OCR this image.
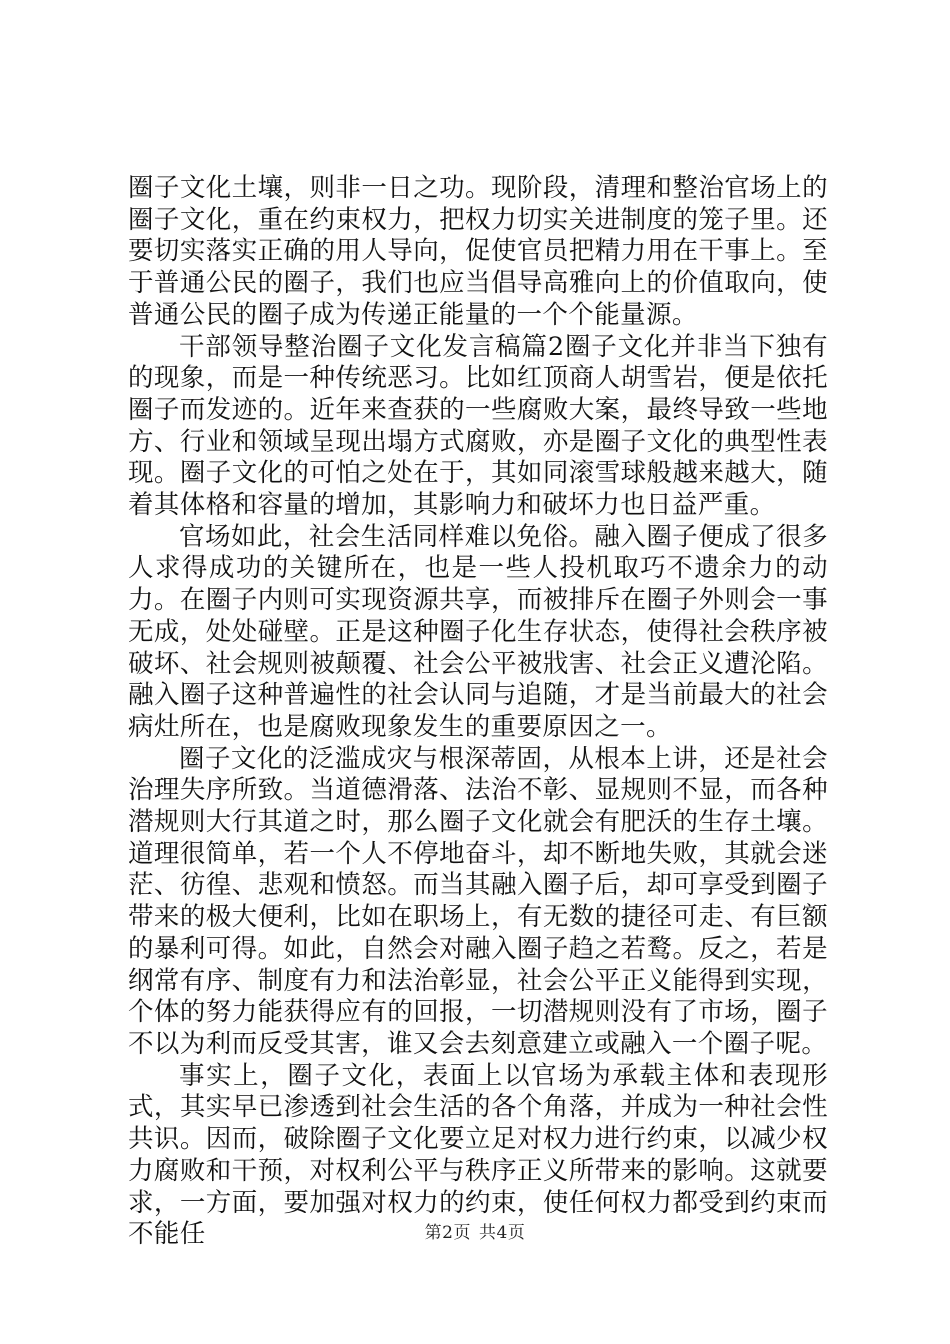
圈子文化土壤，则非一日之功。现阶段，清理和整治官场上的圈子文化，重在约束权力，把权力切实关进制度的笼子里。还要切实落实正确的用人导向，促使官员把精力用在干事上。至于普通公民的圈子，我们也应当倡导高雅向上的价值取向，使普通公民的圈子成为传递正能量的一个个能量源。

干部领导整治圈子文化发言稿篇2圈子文化并非当下独有的现象，而是一种传统恶习。比如红顶商人胡雪岩，便是依托圈子而发迹的。近年来查获的一些腐败大案，最终导致一些地方、行业和领域呈现出塌方式腐败，亦是圈子文化的典型性表现。圈子文化的可怕之处在于，其如同滚雪球般越来越大，随着其体格和容量的增加，其影响力和破坏力也日益严重。

官场如此，社会生活同样难以免俗。融入圈子便成了很多人求得成功的关键所在，也是一些人投机取巧不遗余力的动力。在圈子内则可实现资源共享，而被排斥在圈子外则会一事无成，处处碰壁。正是这种圈子化生存状态，使得社会秩序被破坏、社会规则被颠覆、社会公平被戕害、社会正义遭沦陷。融入圈子这种普遍性的社会认同与追随，才是当前最大的社会病灶所在，也是腐败现象发生的重要原因之一。

圈子文化的泛滥成灾与根深蒂固，从根本上讲，还是社会治理失序所致。当道德滑落、法治不彰、显规则不显，而各种潜规则大行其道之时，那么圈子文化就会有肥沃的生存土壤。道理很简单，若一个人不停地奋斗，却不断地失败，其就会迷茫、彷徨、悲观和愤怒。而当其融入圈子后，却可享受到圈子带来的极大便利，比如在职场上，有无数的捷径可走、有巨额的暴利可得。如此，自然会对融入圈子趋之若鹜。反之，若是纲常有序、制度有力和法治彰显，社会公平正义能得到实现，个体的努力能获得应有的回报，一切潜规则没有了市场，圈子不以为利而反受其害，谁又会去刻意建立或融入一个圈子呢。

事实上，圈子文化，表面上以官场为承载主体和表现形式，其实早已渗透到社会生活的各个角落，并成为一种社会性共识。因而，破除圈子文化要立足对权力进行约束，以减少权力腐败和干预，对权利公平与秩序正义所带来的影响。这就要求，一方面，要加强对权力的约束，使任何权力都受到约束而不能任	第2页 共4页
